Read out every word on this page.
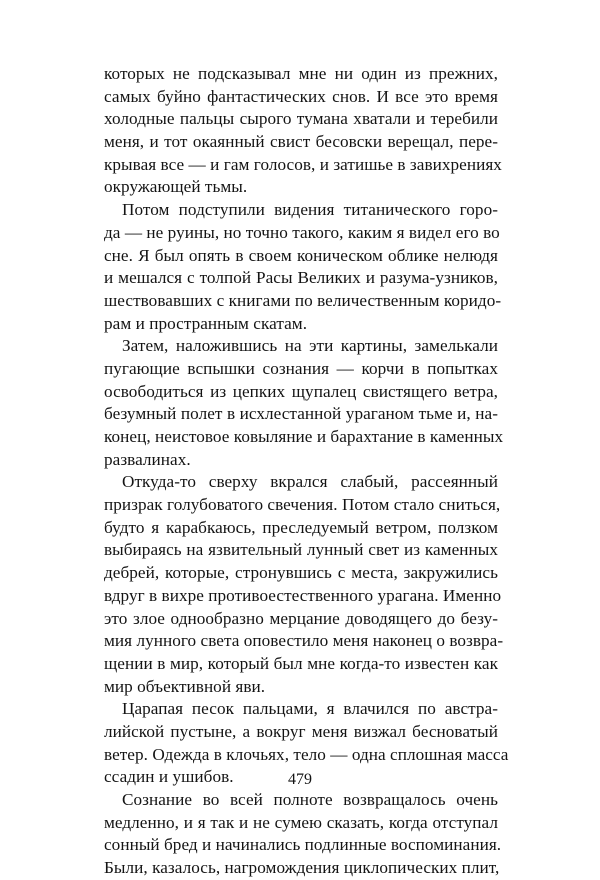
которых не подсказывал мне ни один из прежних,
самых буйно фантастических снов. И все это время
холодные пальцы сырого тумана хватали и теребили
меня, и тот окаянный свист бесовски верещал, пере-
крывая все — и гам голосов, и затишье в завихрениях
окружающей тьмы.
Потом подступили видения титанического горо-
да — не руины, но точно такого, каким я видел его во
сне. Я был опять в своем коническом облике нелюдя
и мешался с толпой Расы Великих и разума-узников,
шествовавших с книгами по величественным коридо-
рам и пространным скатам.
Затем, наложившись на эти картины, замелькали
пугающие вспышки сознания — корчи в попытках
освободиться из цепких щупалец свистящего ветра,
безумный полет в исхлестанной ураганом тьме и, на-
конец, неистовое ковыляние и барахтание в каменных
развалинах.
Откуда-то сверху вкрался слабый, рассеянный
призрак голубоватого свечения. Потом стало сниться,
будто я карабкаюсь, преследуемый ветром, ползком
выбираясь на язвительный лунный свет из каменных
дебрей, которые, стронувшись с места, закружились
вдруг в вихре противоестественного урагана. Именно
это злое однообразно мерцание доводящего до безу-
мия лунного света оповестило меня наконец о возвра-
щении в мир, который был мне когда-то известен как
мир объективной яви.
Царапая песок пальцами, я влачился по австра-
лийской пустыне, а вокруг меня визжал бесноватый
ветер. Одежда в клочьях, тело — одна сплошная масса
ссадин и ушибов.
Сознание во всей полноте возвращалось очень
медленно, и я так и не сумею сказать, когда отступал
сонный бред и начинались подлинные воспоминания.
Были, казалось, нагромождения циклопических плит,
479
